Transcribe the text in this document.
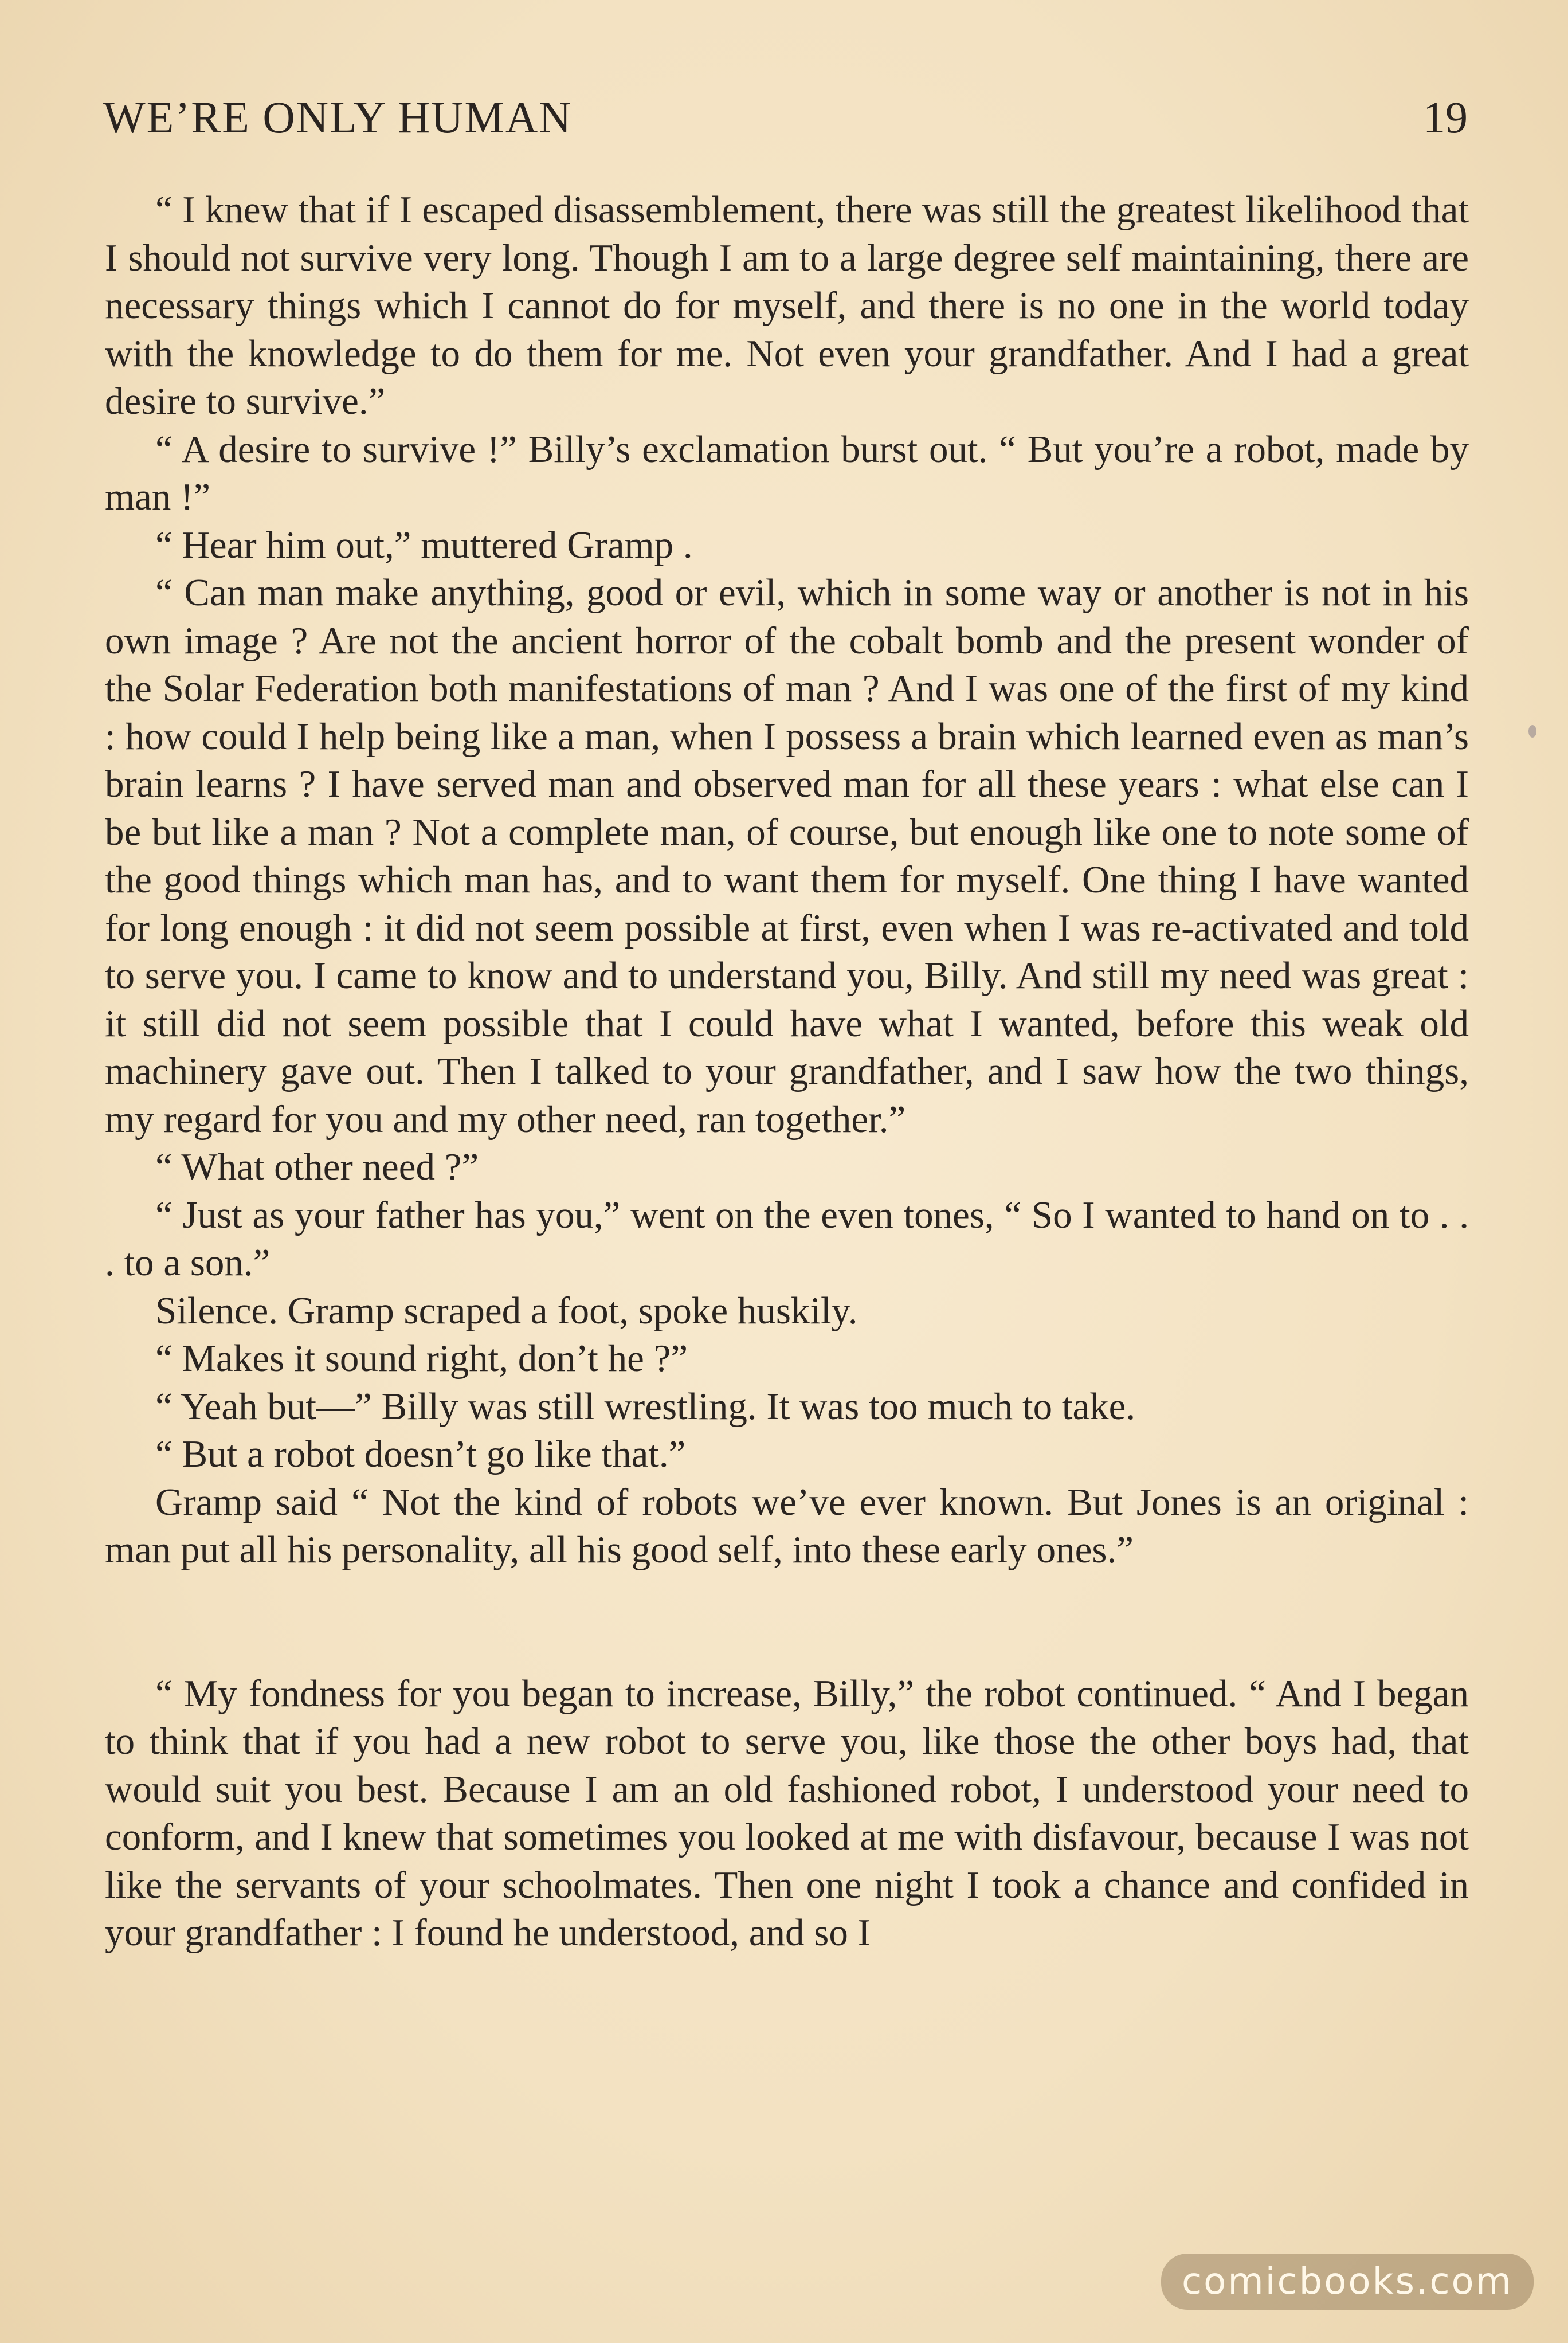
WE’RE ONLY HUMAN	19

“ I knew that if I escaped disassemblement, there was still the greatest likelihood that I should not survive very long. Though I am to a large degree self maintaining, there are necessary things which I cannot do for myself, and there is no one in the world today with the knowledge to do them for me. Not even your grandfather. And I had a great desire to survive.”

“ A desire to survive !” Billy’s exclamation burst out. “ But you’re a robot, made by man !”

“ Hear him out,” muttered Gramp .

“ Can man make anything, good or evil, which in some way or another is not in his own image ? Are not the ancient horror of the cobalt bomb and the present wonder of the Solar Federation both manifestations of man ? And I was one of the first of my kind : how could I help being like a man, when I possess a brain which learned even as man’s brain learns ? I have served man and observed man for all these years : what else can I be but like a man ? Not a complete man, of course, but enough like one to note some of the good things which man has, and to want them for myself. One thing I have wanted for long enough : it did not seem possible at first, even when I was re-activated and told to serve you. I came to know and to understand you, Billy. And still my need was great : it still did not seem possible that I could have what I wanted, before this weak old machinery gave out. Then I talked to your grandfather, and I saw how the two things, my regard for you and my other need, ran together.”

“ What other need ?”

“ Just as your father has you,” went on the even tones, “ So I wanted to hand on to . . . to a son.”

Silence. Gramp scraped a foot, spoke huskily.

“ Makes it sound right, don’t he ?”

“ Yeah but—” Billy was still wrestling. It was too much to take.

“ But a robot doesn’t go like that.”

Gramp said “ Not the kind of robots we’ve ever known. But Jones is an original : man put all his personality, all his good self, into these early ones.”

“ My fondness for you began to increase, Billy,” the robot continued. “ And I began to think that if you had a new robot to serve you, like those the other boys had, that would suit you best. Because I am an old fashioned robot, I understood your need to conform, and I knew that sometimes you looked at me with disfavour, because I was not like the servants of your schoolmates. Then one night I took a chance and confided in your grandfather : I found he understood, and so I

comicbooks.com
